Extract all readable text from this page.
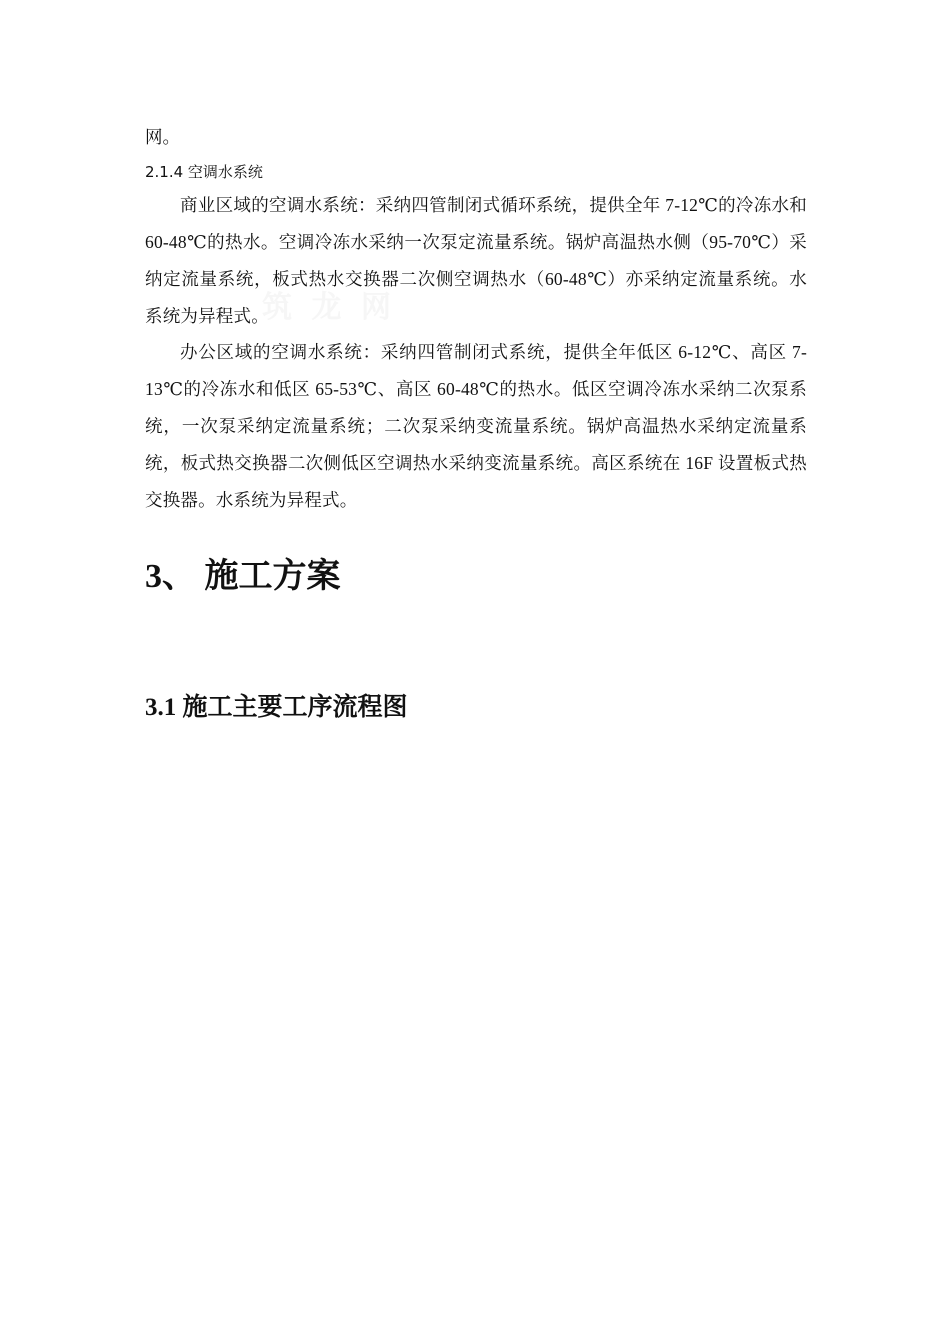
筑 龙 网
网。
2.1.4 空调水系统

商业区域的空调水系统：采纳四管制闭式循环系统，提供全年 7-12℃的冷冻水和 60-48℃的热水。空调冷冻水采纳一次泵定流量系统。锅炉高温热水侧（95-70℃）采纳定流量系统，板式热水交换器二次侧空调热水（60-48℃）亦采纳定流量系统。水系统为异程式。

办公区域的空调水系统：采纳四管制闭式系统，提供全年低区 6-12℃、高区 7-13℃的冷冻水和低区 65-53℃、高区 60-48℃的热水。低区空调冷冻水采纳二次泵系统，一次泵采纳定流量系统；二次泵采纳变流量系统。锅炉高温热水采纳定流量系统，板式热交换器二次侧低区空调热水采纳变流量系统。高区系统在 16F 设置板式热交换器。水系统为异程式。

3、 施工方案
3.1 施工主要工序流程图
